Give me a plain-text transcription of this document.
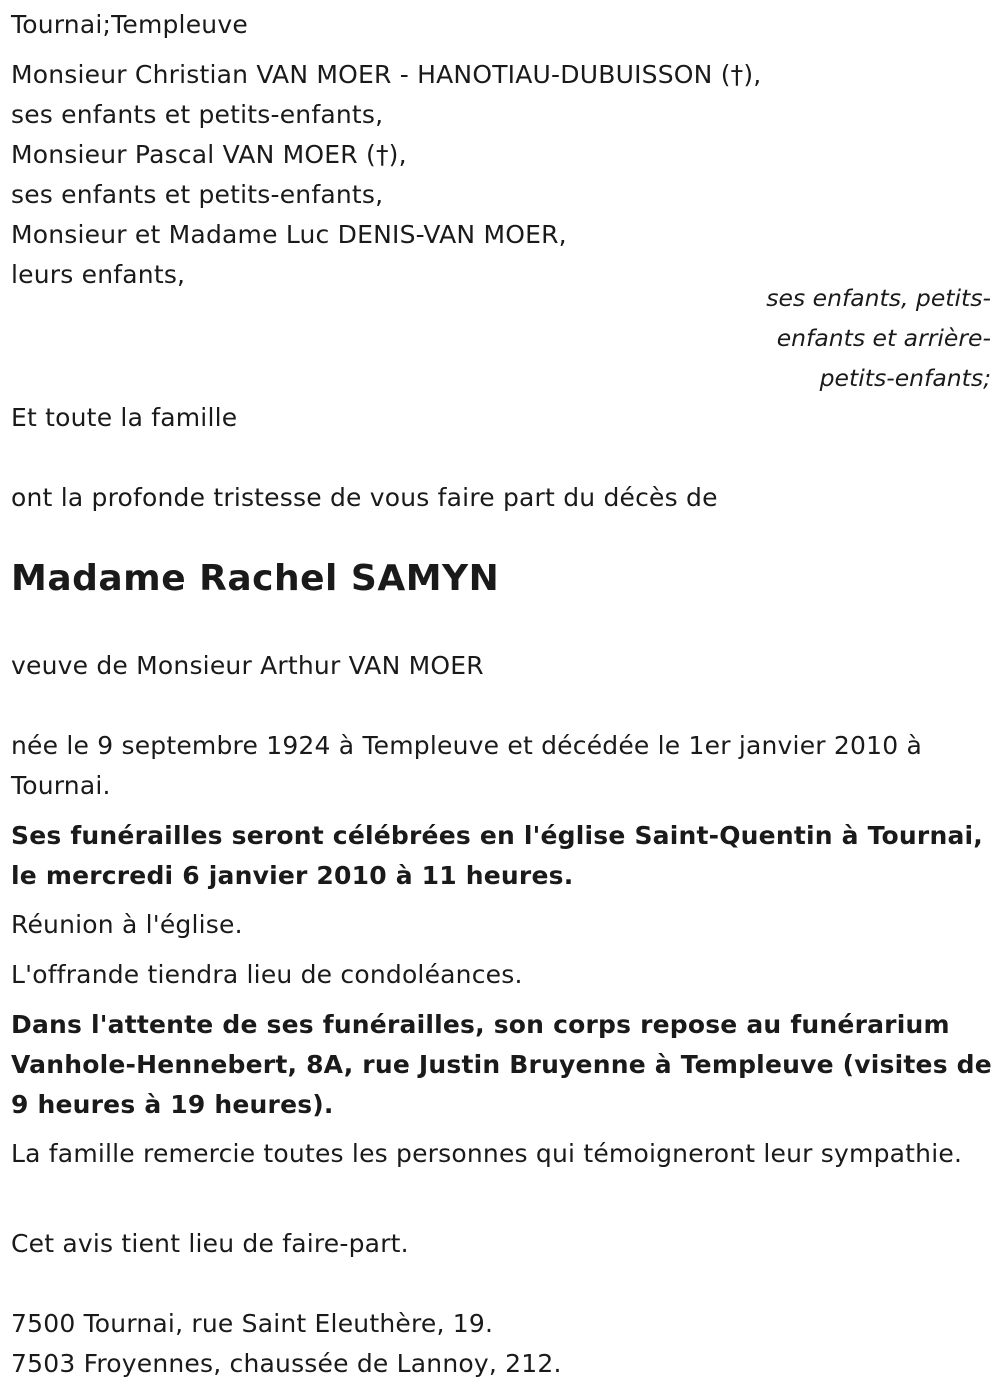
Tournai;Templeuve
Monsieur Christian VAN MOER - HANOTIAU-DUBUISSON (†),
ses enfants et petits-enfants,
Monsieur Pascal VAN MOER (†),
ses enfants et petits-enfants,
Monsieur et Madame Luc DENIS-VAN MOER,
leurs enfants,
ses enfants, petits-
enfants et arrière-
petits-enfants;
Et toute la famille
ont la profonde tristesse de vous faire part du décès de
Madame Rachel SAMYN
veuve de Monsieur Arthur VAN MOER
née le 9 septembre 1924 à Templeuve et décédée le 1er janvier 2010 à Tournai.
Ses funérailles seront célébrées en l'église Saint-Quentin à Tournai, le mercredi 6 janvier 2010 à 11 heures.
Réunion à l'église.
L'offrande tiendra lieu de condoléances.
Dans l'attente de ses funérailles, son corps repose au funérarium Vanhole-Hennebert, 8A, rue Justin Bruyenne à Templeuve (visites de 9 heures à 19 heures).
La famille remercie toutes les personnes qui témoigneront leur sympathie.
Cet avis tient lieu de faire-part.
7500 Tournai, rue Saint Eleuthère, 19.
7503 Froyennes, chaussée de Lannoy, 212.
